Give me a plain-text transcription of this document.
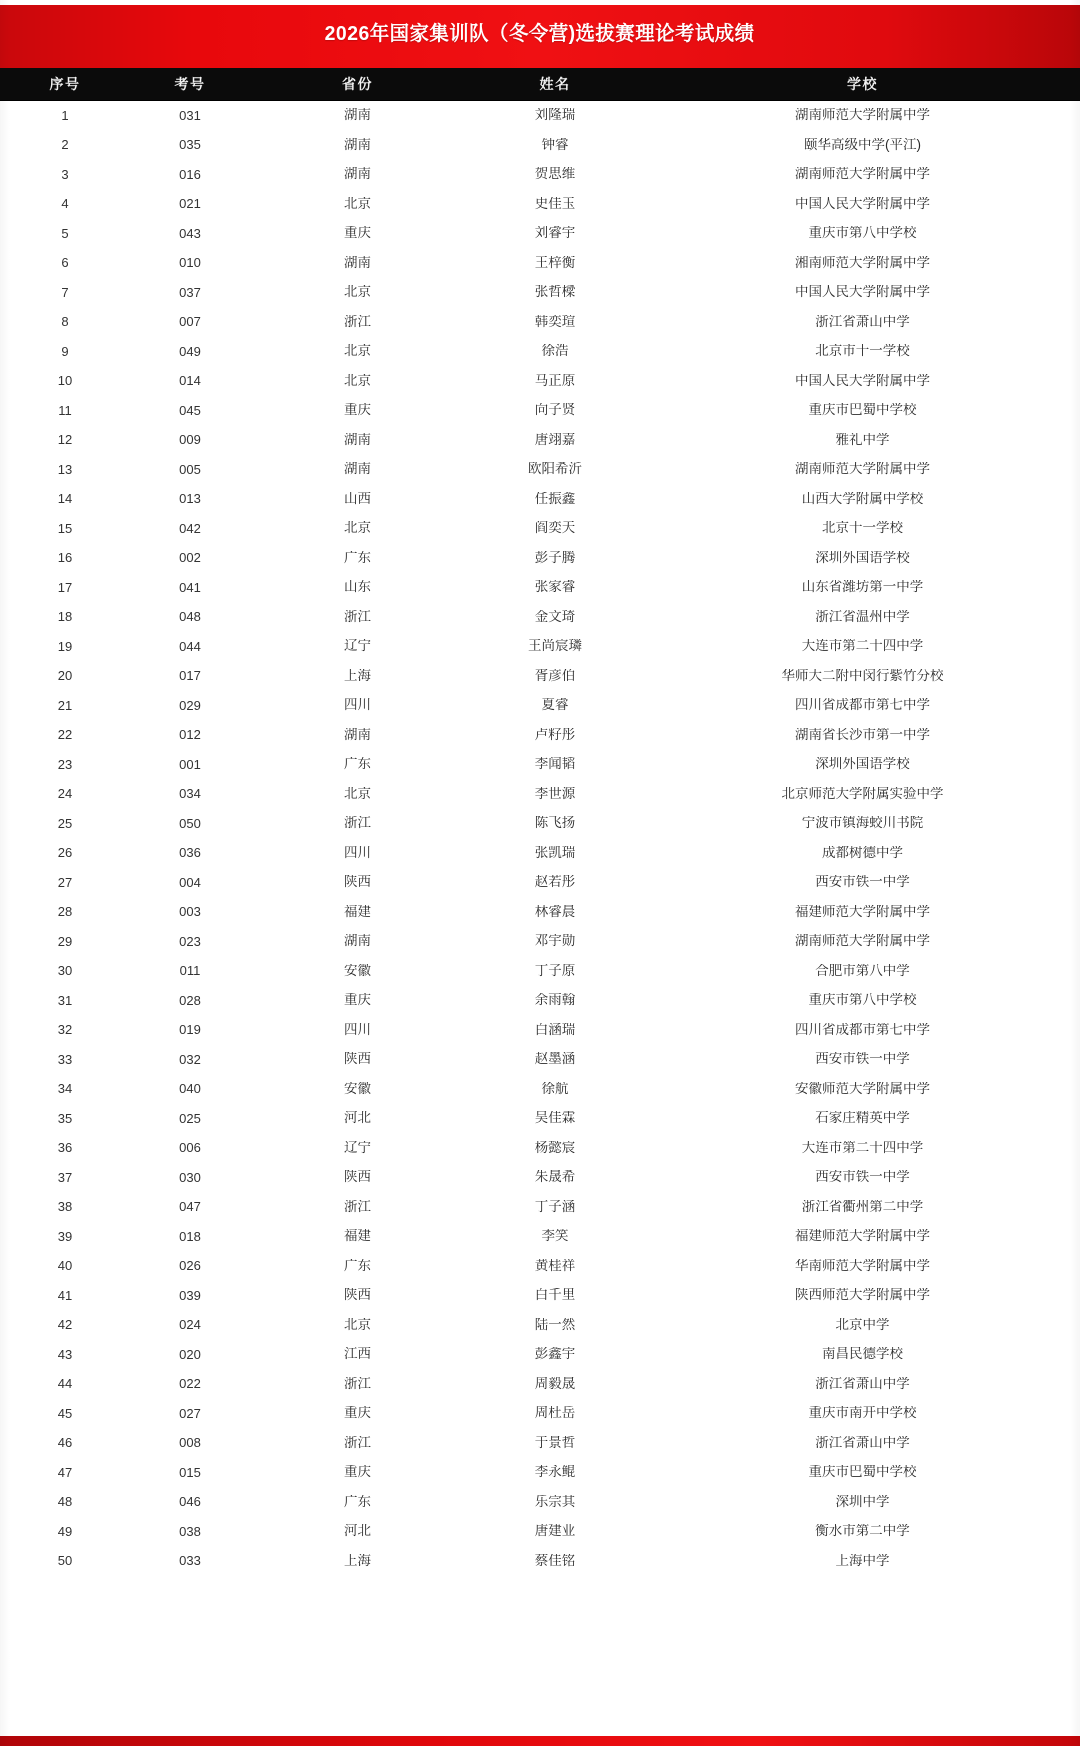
2026年国家集训队（冬令营)选拔赛理论考试成绩
序号	考号	省份	姓名	学校
1	031	湖南	刘隆瑞	湖南师范大学附属中学
2	035	湖南	钟睿	颐华高级中学(平江)
3	016	湖南	贺思维	湖南师范大学附属中学
4	021	北京	史佳玉	中国人民大学附属中学
5	043	重庆	刘睿宇	重庆市第八中学校
6	010	湖南	王梓衡	湘南师范大学附属中学
7	037	北京	张哲樑	中国人民大学附属中学
8	007	浙江	韩奕瑄	浙江省萧山中学
9	049	北京	徐浩	北京市十一学校
10	014	北京	马正原	中国人民大学附属中学
11	045	重庆	向子贤	重庆市巴蜀中学校
12	009	湖南	唐翊嘉	雅礼中学
13	005	湖南	欧阳希沂	湖南师范大学附属中学
14	013	山西	任振鑫	山西大学附属中学校
15	042	北京	阎奕天	北京十一学校
16	002	广东	彭子腾	深圳外国语学校
17	041	山东	张家睿	山东省潍坊第一中学
18	048	浙江	金文琦	浙江省温州中学
19	044	辽宁	王尚宸璘	大连市第二十四中学
20	017	上海	胥彦伯	华师大二附中闵行紫竹分校
21	029	四川	夏睿	四川省成都市第七中学
22	012	湖南	卢籽彤	湖南省长沙市第一中学
23	001	广东	李闻韬	深圳外国语学校
24	034	北京	李世源	北京师范大学附属实验中学
25	050	浙江	陈飞扬	宁波市镇海蛟川书院
26	036	四川	张凯瑞	成都树德中学
27	004	陕西	赵若彤	西安市铁一中学
28	003	福建	林睿晨	福建师范大学附属中学
29	023	湖南	邓宇勋	湖南师范大学附属中学
30	011	安徽	丁子原	合肥市第八中学
31	028	重庆	余雨翰	重庆市第八中学校
32	019	四川	白涵瑞	四川省成都市第七中学
33	032	陕西	赵墨涵	西安市铁一中学
34	040	安徽	徐航	安徽师范大学附属中学
35	025	河北	吴佳霖	石家庄精英中学
36	006	辽宁	杨懿宸	大连市第二十四中学
37	030	陕西	朱晟希	西安市铁一中学
38	047	浙江	丁子涵	浙江省衢州第二中学
39	018	福建	李笑	福建师范大学附属中学
40	026	广东	黄桂祥	华南师范大学附属中学
41	039	陕西	白千里	陕西师范大学附属中学
42	024	北京	陆一然	北京中学
43	020	江西	彭鑫宇	南昌民德学校
44	022	浙江	周毅晟	浙江省萧山中学
45	027	重庆	周杜岳	重庆市南开中学校
46	008	浙江	于景哲	浙江省萧山中学
47	015	重庆	李永鲲	重庆市巴蜀中学校
48	046	广东	乐宗其	深圳中学
49	038	河北	唐建业	衡水市第二中学
50	033	上海	蔡佳铭	上海中学
